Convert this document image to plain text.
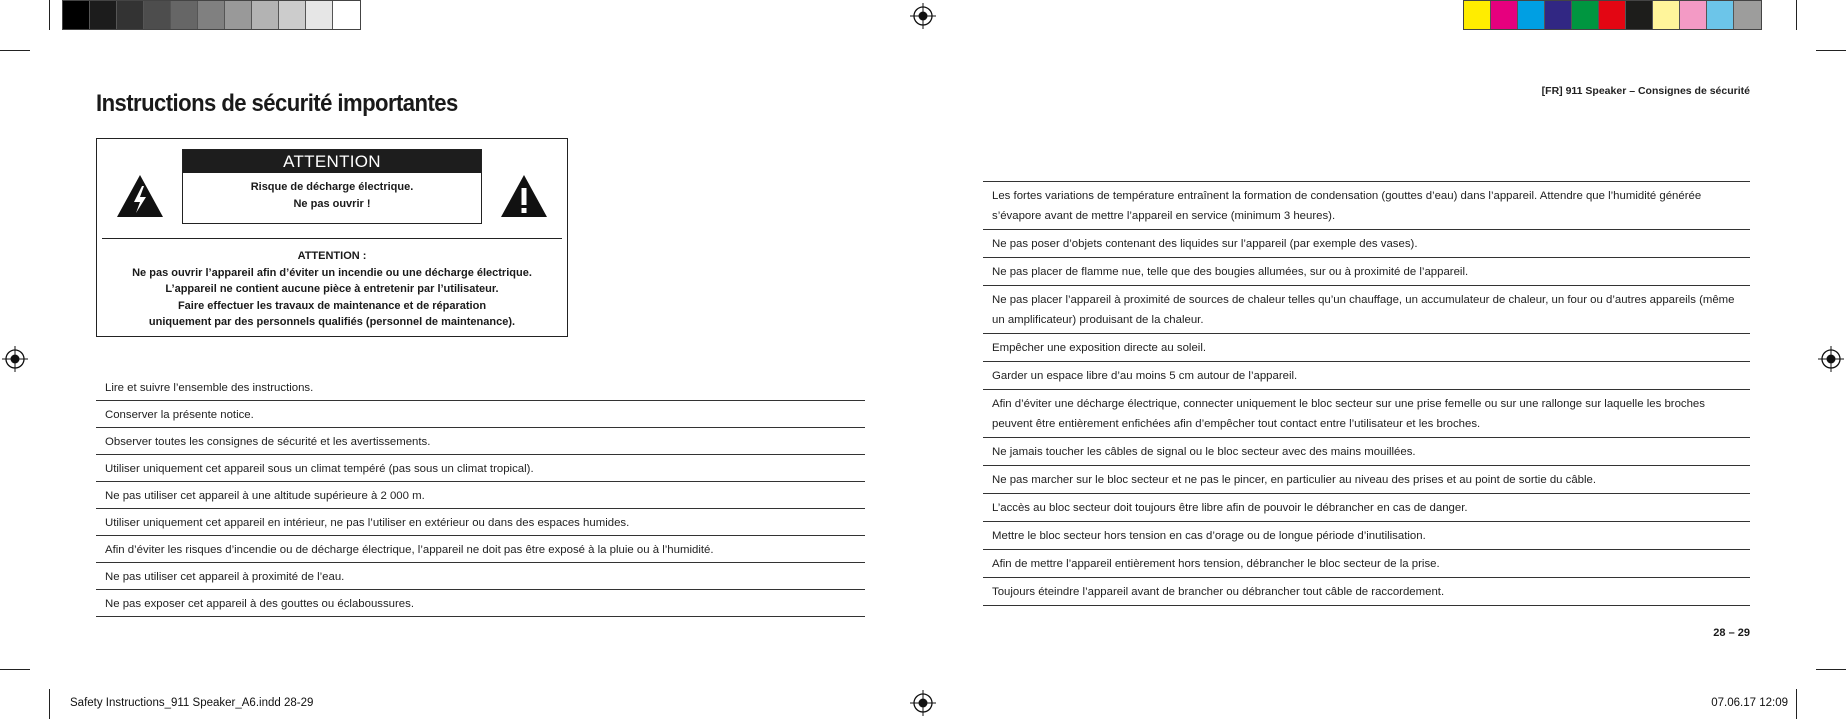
Instructions de sécurité importantes
ATTENTION
Risque de décharge électrique.
Ne pas ouvrir !
ATTENTION :
Ne pas ouvrir l’appareil afin d’éviter un incendie ou une décharge électrique.
L’appareil ne contient aucune pièce à entretenir par l’utilisateur.
Faire effectuer les travaux de maintenance et de réparation
uniquement par des personnels qualifiés (personnel de maintenance).
Lire et suivre l’ensemble des instructions.
Conserver la présente notice.
Observer toutes les consignes de sécurité et les avertissements.
Utiliser uniquement cet appareil sous un climat tempéré (pas sous un climat tropical).
Ne pas utiliser cet appareil à une altitude supérieure à 2 000 m.
Utiliser uniquement cet appareil en intérieur, ne pas l’utiliser en extérieur ou dans des espaces humides.
Afin d’éviter les risques d’incendie ou de décharge électrique, l’appareil ne doit pas être exposé à la pluie ou à l’humidité.
Ne pas utiliser cet appareil à proximité de l’eau.
Ne pas exposer cet appareil à des gouttes ou éclaboussures.
[FR] 911 Speaker – Consignes de sécurité
Les fortes variations de température entraînent la formation de condensation (gouttes d’eau) dans l’appareil. Attendre que l’humidité générée s’évapore avant de mettre l’appareil en service (minimum 3 heures).
Ne pas poser d’objets contenant des liquides sur l’appareil (par exemple des vases).
Ne pas placer de flamme nue, telle que des bougies allumées, sur ou à proximité de l’appareil.
Ne pas placer l’appareil à proximité de sources de chaleur telles qu’un chauffage, un accumulateur de chaleur, un four ou d’autres appareils (même un amplificateur) produisant de la chaleur.
Empêcher une exposition directe au soleil.
Garder un espace libre d’au moins 5 cm autour de l’appareil.
Afin d’éviter une décharge électrique, connecter uniquement le bloc secteur sur une prise femelle ou sur une rallonge sur laquelle les broches peuvent être entièrement enfichées afin d’empêcher tout contact entre l’utilisateur et les broches.
Ne jamais toucher les câbles de signal ou le bloc secteur avec des mains mouillées.
Ne pas marcher sur le bloc secteur et ne pas le pincer, en particulier au niveau des prises et au point de sortie du câble.
L’accès au bloc secteur doit toujours être libre afin de pouvoir le débrancher en cas de danger.
Mettre le bloc secteur hors tension en cas d’orage ou de longue période d’inutilisation.
Afin de mettre l’appareil entièrement hors tension, débrancher le bloc secteur de la prise.
Toujours éteindre l’appareil avant de brancher ou débrancher tout câble de raccordement.
28 – 29
Safety Instructions_911 Speaker_A6.indd 28-29	07.06.17 12:09
